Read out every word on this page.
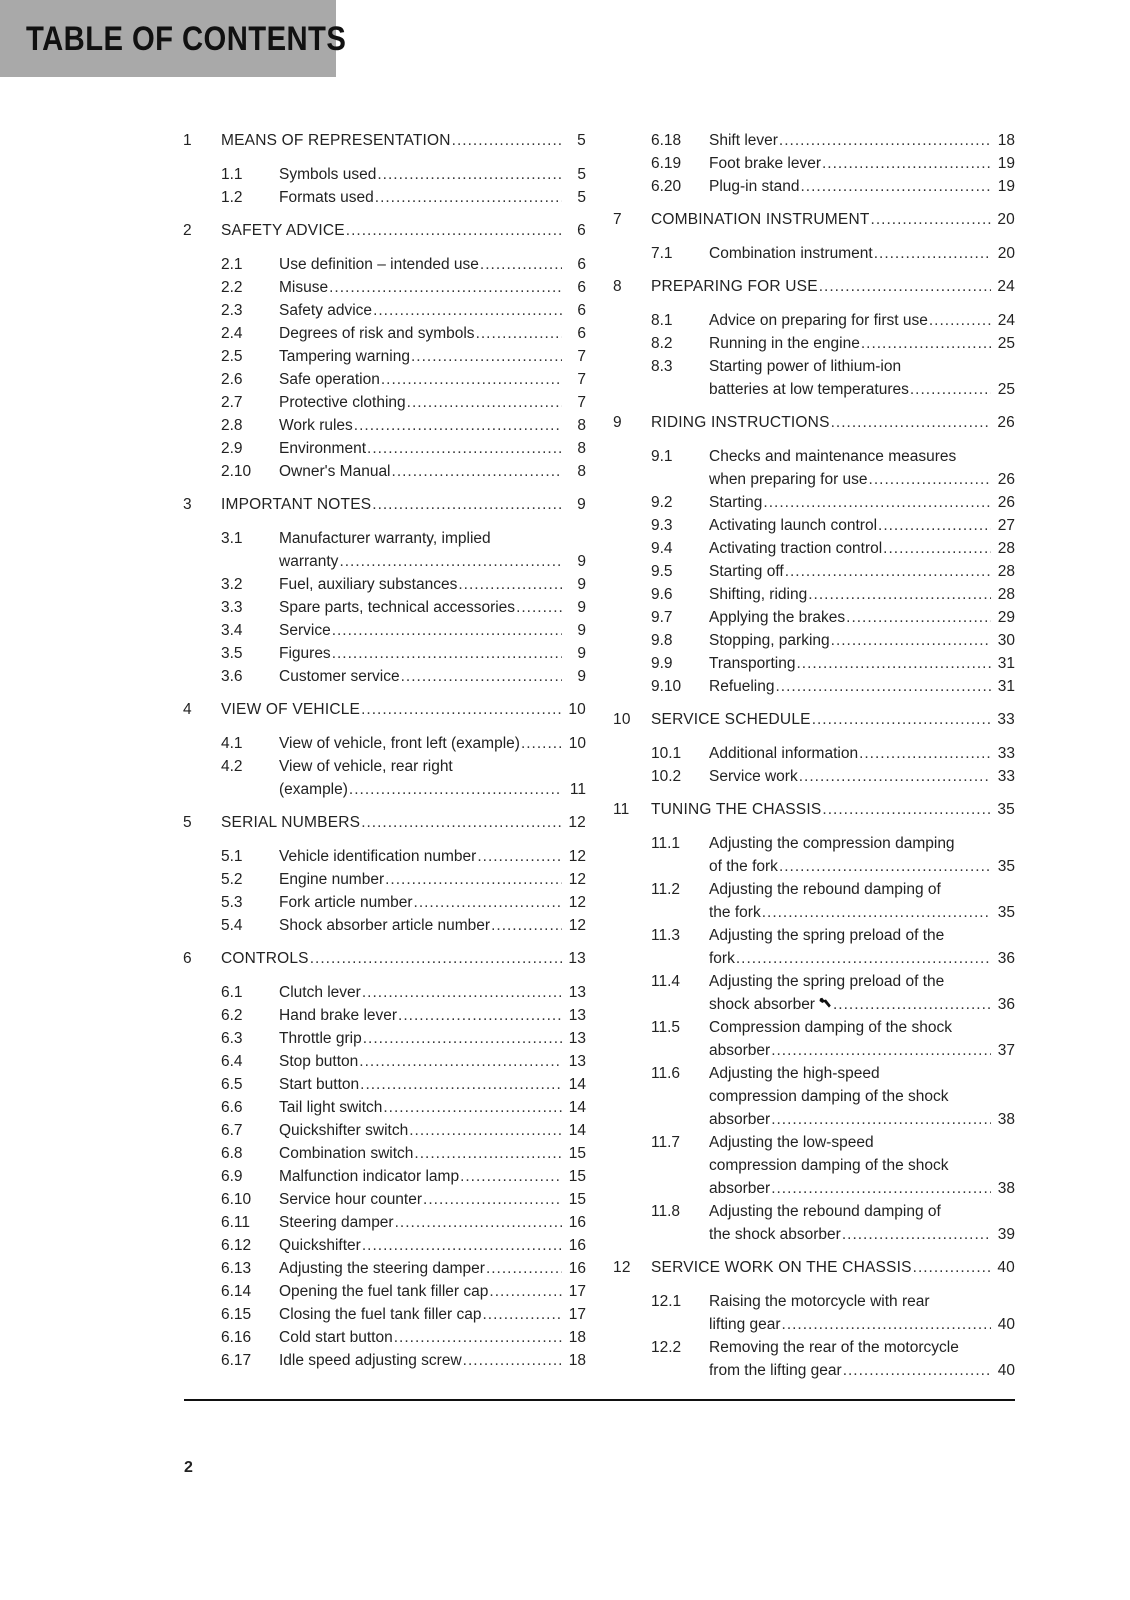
TABLE OF CONTENTS
1 MEANS OF REPRESENTATION .....	5
1.1 Symbols used .....	5
1.2 Formats used .....	5
2 SAFETY ADVICE .....	6
2.1 Use definition – intended use .....	6
2.2 Misuse .....	6
2.3 Safety advice .....	6
2.4 Degrees of risk and symbols .....	6
2.5 Tampering warning .....	7
2.6 Safe operation .....	7
2.7 Protective clothing .....	7
2.8 Work rules .....	8
2.9 Environment .....	8
2.10 Owner's Manual .....	8
3 IMPORTANT NOTES .....	9
3.1 Manufacturer warranty, implied
warranty .....	9
3.2 Fuel, auxiliary substances .....	9
3.3 Spare parts, technical accessories .....	9
3.4 Service .....	9
3.5 Figures .....	9
3.6 Customer service .....	9
4 VIEW OF VEHICLE .....	10
4.1 View of vehicle, front left (example) .....	10
4.2 View of vehicle, rear right
(example) .....	11
5 SERIAL NUMBERS .....	12
5.1 Vehicle identification number .....	12
5.2 Engine number .....	12
5.3 Fork article number .....	12
5.4 Shock absorber article number .....	12
6 CONTROLS .....	13
6.1 Clutch lever .....	13
6.2 Hand brake lever .....	13
6.3 Throttle grip .....	13
6.4 Stop button .....	13
6.5 Start button .....	14
6.6 Tail light switch .....	14
6.7 Quickshifter switch .....	14
6.8 Combination switch .....	15
6.9 Malfunction indicator lamp .....	15
6.10 Service hour counter .....	15
6.11 Steering damper .....	16
6.12 Quickshifter .....	16
6.13 Adjusting the steering damper .....	16
6.14 Opening the fuel tank filler cap .....	17
6.15 Closing the fuel tank filler cap .....	17
6.16 Cold start button .....	18
6.17 Idle speed adjusting screw .....	18
6.18 Shift lever .....	18
6.19 Foot brake lever .....	19
6.20 Plug-in stand .....	19
7 COMBINATION INSTRUMENT .....	20
7.1 Combination instrument .....	20
8 PREPARING FOR USE .....	24
8.1 Advice on preparing for first use .....	24
8.2 Running in the engine .....	25
8.3 Starting power of lithium-ion
batteries at low temperatures .....	25
9 RIDING INSTRUCTIONS .....	26
9.1 Checks and maintenance measures
when preparing for use .....	26
9.2 Starting .....	26
9.3 Activating launch control .....	27
9.4 Activating traction control .....	28
9.5 Starting off .....	28
9.6 Shifting, riding .....	28
9.7 Applying the brakes .....	29
9.8 Stopping, parking .....	30
9.9 Transporting .....	31
9.10 Refueling .....	31
10 SERVICE SCHEDULE .....	33
10.1 Additional information .....	33
10.2 Service work .....	33
11 TUNING THE CHASSIS .....	35
11.1 Adjusting the compression damping
of the fork .....	35
11.2 Adjusting the rebound damping of
the fork .....	35
11.3 Adjusting the spring preload of the
fork .....	36
11.4 Adjusting the spring preload of the
shock absorber .....	36
11.5 Compression damping of the shock
absorber .....	37
11.6 Adjusting the high-speed
compression damping of the shock
absorber .....	38
11.7 Adjusting the low-speed
compression damping of the shock
absorber .....	38
11.8 Adjusting the rebound damping of
the shock absorber .....	39
12 SERVICE WORK ON THE CHASSIS .....	40
12.1 Raising the motorcycle with rear
lifting gear .....	40
12.2 Removing the rear of the motorcycle
from the lifting gear .....	40
2
